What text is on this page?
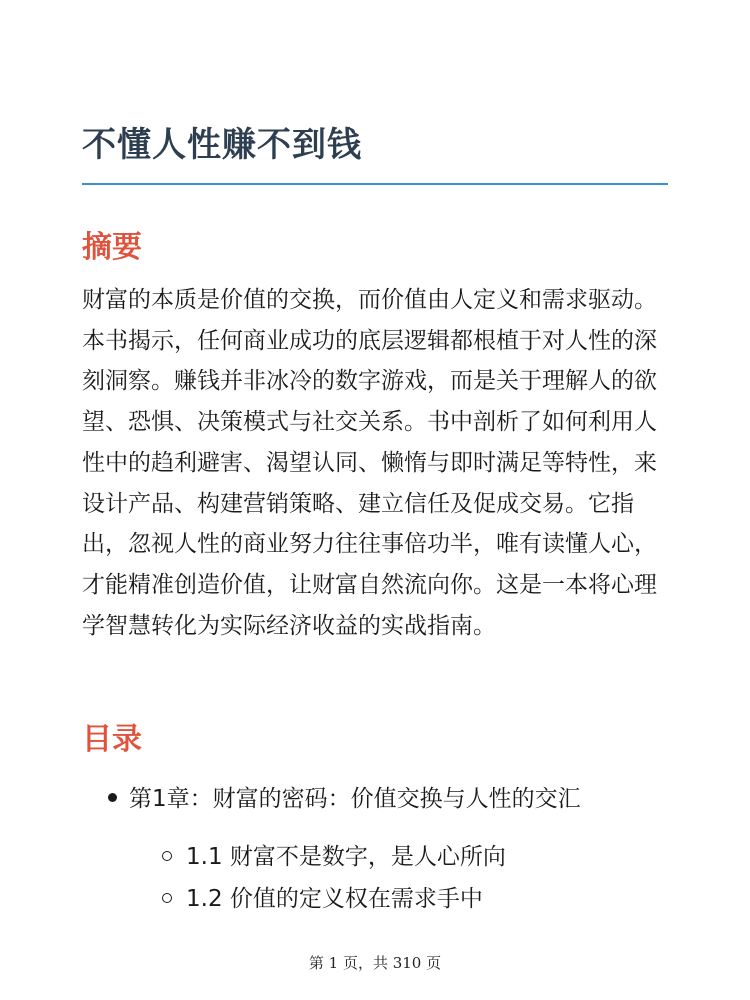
不懂人性赚不到钱
摘要

财富的本质是价值的交换，而价值由人定义和需求驱动。本书揭示，任何商业成功的底层逻辑都根植于对人性的深刻洞察。赚钱并非冰冷的数字游戏，而是关于理解人的欲望、恐惧、决策模式与社交关系。书中剖析了如何利用人性中的趋利避害、渴望认同、懒惰与即时满足等特性，来设计产品、构建营销策略、建立信任及促成交易。它指出，忽视人性的商业努力往往事倍功半，唯有读懂人心，才能精准创造价值，让财富自然流向你。这是一本将心理学智慧转化为实际经济收益的实战指南。

目录
第1章：财富的密码：价值交换与人性的交汇
1.1 财富不是数字，是人心所向
1.2 价值的定义权在需求手中
第 1 页，共 310 页
